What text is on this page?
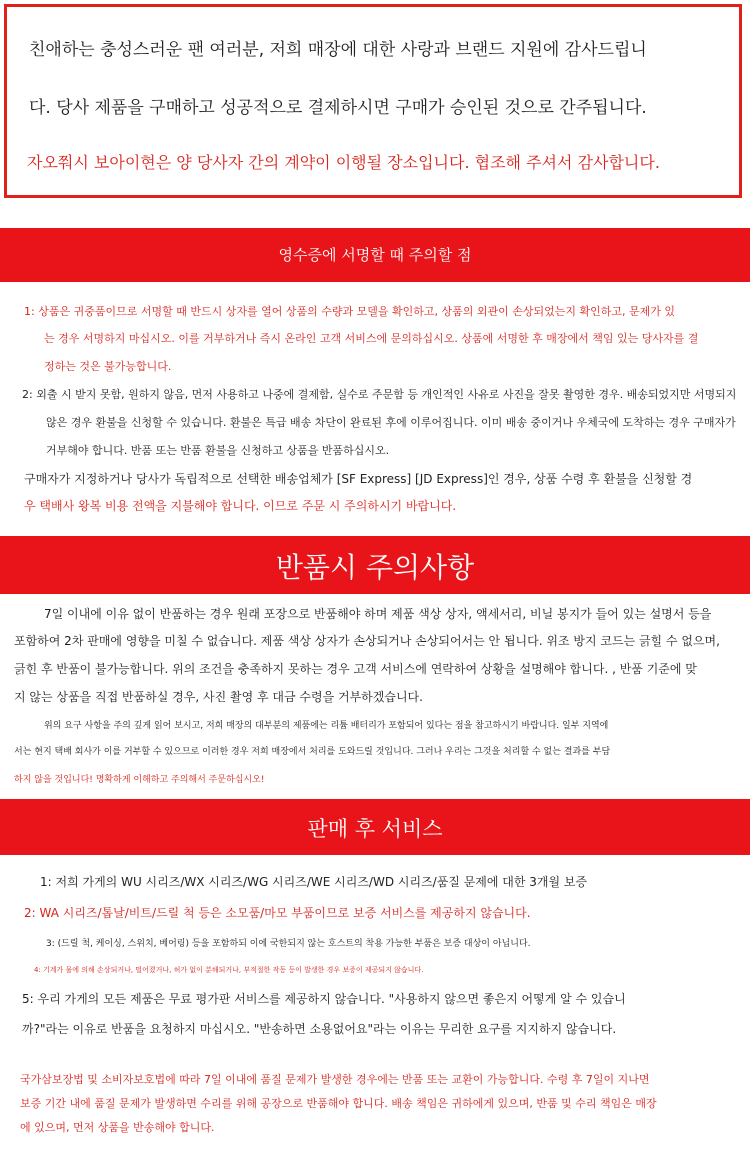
친애하는 충성스러운 팬 여러분, 저희 매장에 대한 사랑과 브랜드 지원에 감사드립니

다. 당사 제품을 구매하고 성공적으로 결제하시면 구매가 승인된 것으로 간주됩니다.

자오쭤시 보아이현은 양 당사자 간의 계약이 이행될 장소입니다. 협조해 주셔서 감사합니다.

영수증에 서명할 때 주의할 점

1: 상품은 귀중품이므로 서명할 때 반드시 상자를 열어 상품의 수량과 모델을 확인하고, 상품의 외관이 손상되었는지 확인하고, 문제가 있

는 경우 서명하지 마십시오. 이를 거부하거나 즉시 온라인 고객 서비스에 문의하십시오. 상품에 서명한 후 매장에서 책임 있는 당사자를 결

정하는 것은 불가능합니다.

2: 외출 시 받지 못함, 원하지 않음, 먼저 사용하고 나중에 결제함, 실수로 주문함 등 개인적인 사유로 사진을 잘못 촬영한 경우. 배송되었지만 서명되지

않은 경우 환불을 신청할 수 있습니다. 환불은 특급 배송 차단이 완료된 후에 이루어집니다. 이미 배송 중이거나 우체국에 도착하는 경우 구매자가

거부해야 합니다. 반품 또는 반품 환불을 신청하고 상품을 반품하십시오.

구매자가 지정하거나 당사가 독립적으로 선택한 배송업체가 [SF Express] [JD Express]인 경우, 상품 수령 후 환불을 신청할 경

우 택배사 왕복 비용 전액을 지불해야 합니다. 이므로 주문 시 주의하시기 바랍니다.

반품시 주의사항

7일 이내에 이유 없이 반품하는 경우 원래 포장으로 반품해야 하며 제품 색상 상자, 액세서리, 비닐 봉지가 들어 있는 설명서 등을

포함하여 2차 판매에 영향을 미칠 수 없습니다. 제품 색상 상자가 손상되거나 손상되어서는 안 됩니다. 위조 방지 코드는 긁힐 수 없으며,

긁힌 후 반품이 불가능합니다. 위의 조건을 충족하지 못하는 경우 고객 서비스에 연락하여 상황을 설명해야 합니다. , 반품 기준에 맞

지 않는 상품을 직접 반품하실 경우, 사진 촬영 후 대금 수령을 거부하겠습니다.

위의 요구 사항을 주의 깊게 읽어 보시고, 저희 매장의 대부분의 제품에는 리튬 배터리가 포함되어 있다는 점을 참고하시기 바랍니다. 일부 지역에

서는 현지 택배 회사가 이를 거부할 수 있으므로 이러한 경우 저희 매장에서 처리를 도와드릴 것입니다. 그러나 우리는 그것을 처리할 수 없는 결과를 부담

하지 않을 것입니다! 명확하게 이해하고 주의해서 주문하십시오!

판매 후 서비스

1: 저희 가게의 WU 시리즈/WX 시리즈/WG 시리즈/WE 시리즈/WD 시리즈/품질 문제에 대한 3개월 보증

2: WA 시리즈/톱날/비트/드릴 척 등은 소모품/마모 부품이므로 보증 서비스를 제공하지 않습니다.

3: (드릴 척, 케이싱, 스위치, 베어링) 등을 포함하되 이에 국한되지 않는 호스트의 착용 가능한 부품은 보증 대상이 아닙니다.

4: 기계가 물에 의해 손상되거나, 떨어졌거나, 허가 없이 분해되거나, 부적절한 작동 등이 발생한 경우 보증이 제공되지 않습니다.

5: 우리 가게의 모든 제품은 무료 평가판 서비스를 제공하지 않습니다. "사용하지 않으면 좋은지 어떻게 알 수 있습니

까?"라는 이유로 반품을 요청하지 마십시오. "반송하면 소용없어요"라는 이유는 무리한 요구를 지지하지 않습니다.

국가삼보장법 및 소비자보호법에 따라 7일 이내에 품질 문제가 발생한 경우에는 반품 또는 교환이 가능합니다. 수령 후 7일이 지나면

보증 기간 내에 품질 문제가 발생하면 수리를 위해 공장으로 반품해야 합니다. 배송 책임은 귀하에게 있으며, 반품 및 수리 책임은 매장

에 있으며, 먼저 상품을 반송해야 합니다.
